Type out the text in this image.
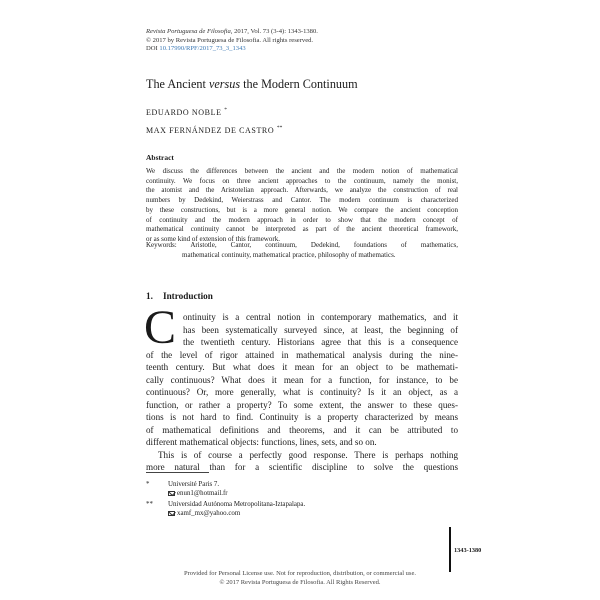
Revista Portuguesa de Filosofia, 2017, Vol. 73 (3-4): 1343-1380.
© 2017 by Revista Portuguesa de Filosofia. All rights reserved.
DOI 10.17990/RPF/2017_73_3_1343
The Ancient versus the Modern Continuum
EDUARDO NOBLE *
MAX FERNÁNDEZ DE CASTRO **
Abstract
We discuss the differences between the ancient and the modern notion of mathematical
continuity. We focus on three ancient approaches to the continuum, namely the monist,
the atomist and the Aristotelian approach. Afterwards, we analyze the construction of real
numbers by Dedekind, Weierstrass and Cantor. The modern continuum is characterized
by these constructions, but is a more general notion. We compare the ancient conception
of continuity and the modern approach in order to show that the modern concept of
mathematical continuity cannot be interpreted as part of the ancient theoretical framework,
or as some kind of extension of this framework.
Keywords: Aristotle, Cantor, continuum, Dedekind, foundations of mathematics,
mathematical continuity, mathematical practice, philosophy of mathematics.
1. Introduction
C ontinuity is a central notion in contemporary mathematics, and it
has been systematically surveyed since, at least, the beginning of
the twentieth century. Historians agree that this is a consequence
of the level of rigor attained in mathematical analysis during the nine-
teenth century. But what does it mean for an object to be mathemati-
cally continuous? What does it mean for a function, for instance, to be
continuous? Or, more generally, what is continuity? Is it an object, as a
function, or rather a property? To some extent, the answer to these ques-
tions is not hard to find. Continuity is a property characterized by means
of mathematical definitions and theorems, and it can be attributed to
different mathematical objects: functions, lines, sets, and so on.
This is of course a perfectly good response. There is perhaps nothing
more natural than for a scientific discipline to solve the questions
*	Université Paris 7.
enun1@hotmail.fr
** Universidad Autónoma Metropolitana-Iztapalapa.
xamf_mx@yahoo.com
1343-1380
Provided for Personal License use. Not for reproduction, distribution, or commercial use.
© 2017 Revista Portuguesa de Filosofia. All Rights Reserved.
